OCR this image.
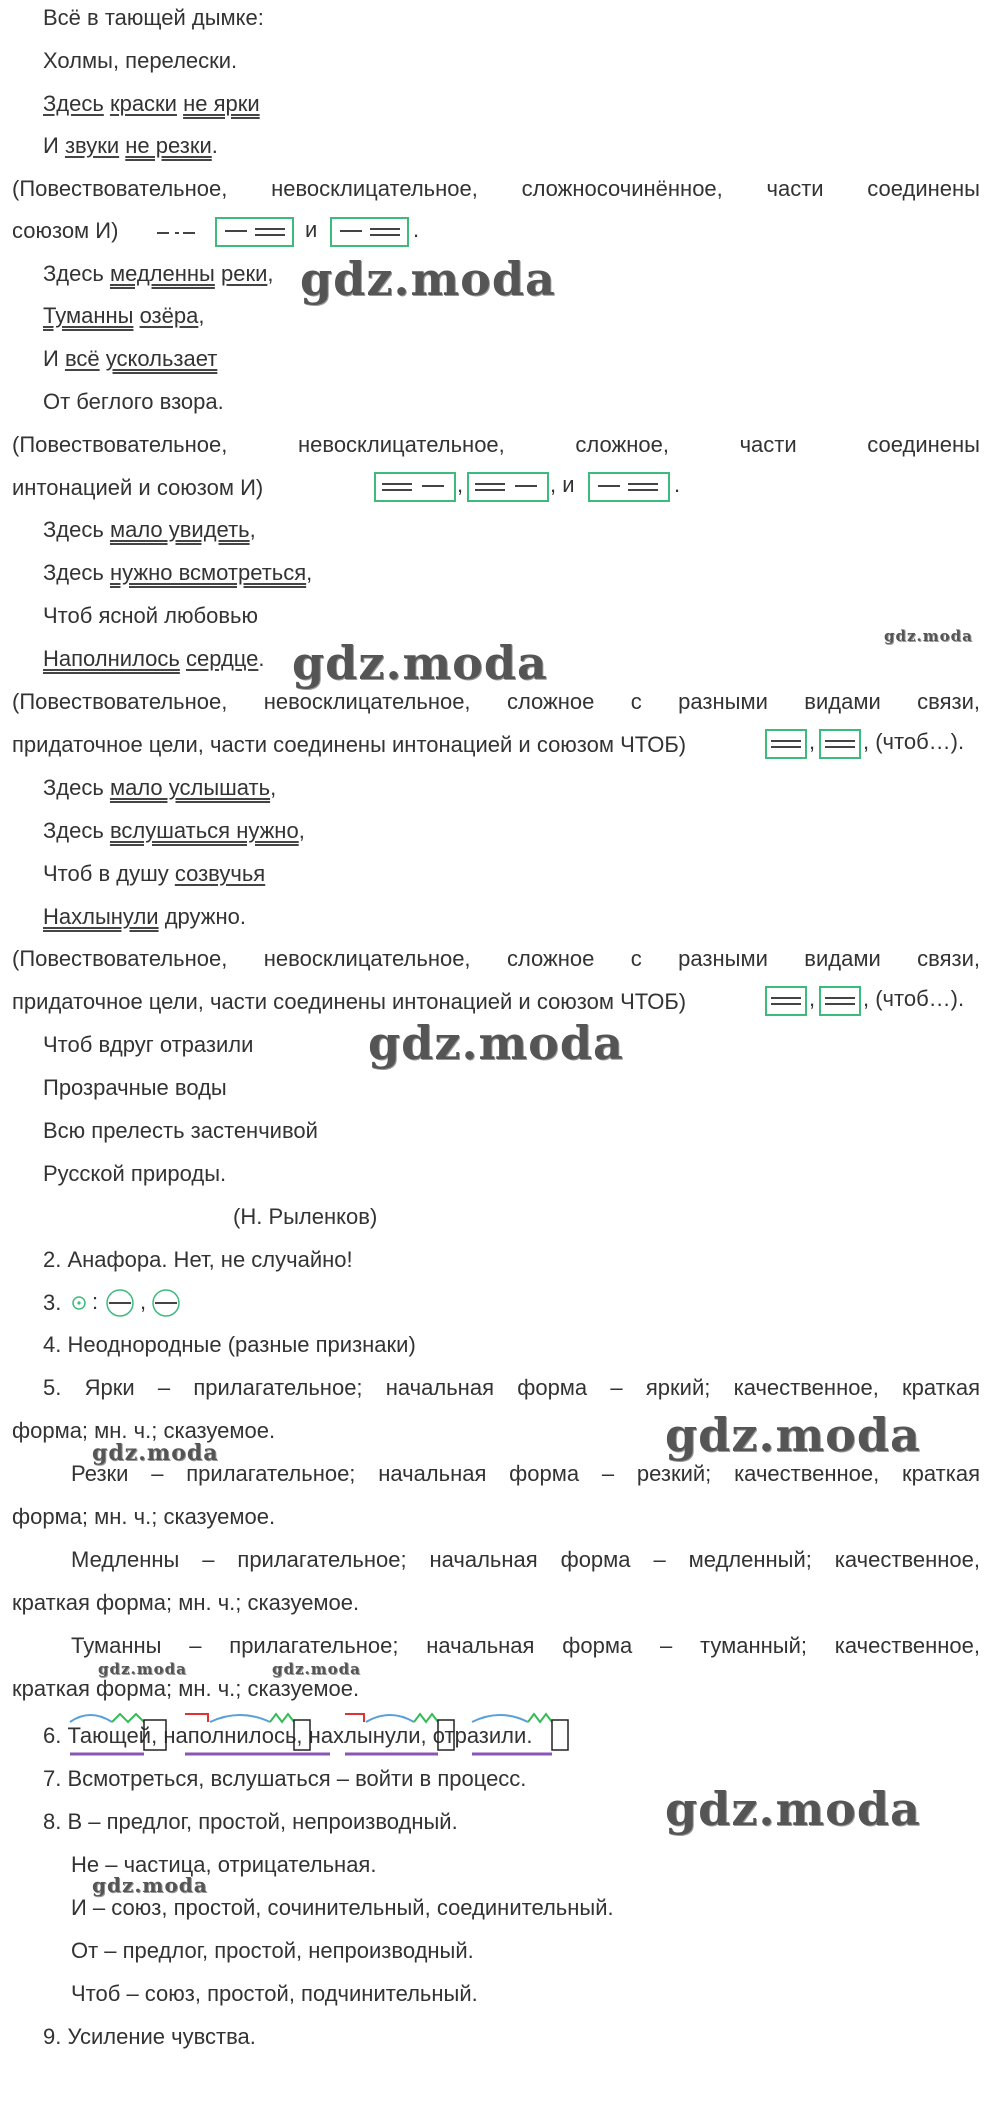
Всё в тающей дымке:
Холмы, перелески.
Здесь краски не ярки
И звуки не резки.
(Повествовательное, невосклицательное, сложносочинённое, части соединены
союзом И)	и	.
Здесь медленны реки,
Туманны озёра,
И всё ускользает
От беглого взора.
(Повествовательное, невосклицательное, сложное, части соединены
интонацией и союзом И)	,	, и	.
Здесь мало увидеть,
Здесь нужно всмотреться,
Чтоб ясной любовью
Наполнилось сердце.
(Повествовательное, невосклицательное, сложное с разными видами связи,
придаточное цели, части соединены интонацией и союзом ЧТОБ)	, , (чтоб…).
Здесь мало услышать,
Здесь вслушаться нужно,
Чтоб в душу созвучья
Нахлынули дружно.
(Повествовательное, невосклицательное, сложное с разными видами связи,
придаточное цели, части соединены интонацией и союзом ЧТОБ)	, , (чтоб…).
Чтоб вдруг отразили
Прозрачные воды
Всю прелесть застенчивой
Русской природы.
(Н. Рыленков)
2. Анафора. Нет, не случайно!
3. : ,
4. Неоднородные (разные признаки)
5. Ярки – прилагательное; начальная форма – яркий; качественное, краткая
форма; мн. ч.; сказуемое.
Резки – прилагательное; начальная форма – резкий; качественное, краткая
форма; мн. ч.; сказуемое.
Медленны – прилагательное; начальная форма – медленный; качественное,
краткая форма; мн. ч.; сказуемое.
Туманны – прилагательное; начальная форма – туманный; качественное,
краткая форма; мн. ч.; сказуемое.
6. Тающей, наполнилось, нахлынули, отразили.
7. Всмотреться, вслушаться – войти в процесс.
8. В – предлог, простой, непроизводный.
Не – частица, отрицательная.
И – союз, простой, сочинительный, соединительный.
От – предлог, простой, непроизводный.
Чтоб – союз, простой, подчинительный.
9. Усиление чувства.
gdz.moda
gdz.moda	gdz.moda
gdz.moda
gdz.moda
gdz.moda
gdz.moda	gdz.moda
gdz.moda
gdz.moda
